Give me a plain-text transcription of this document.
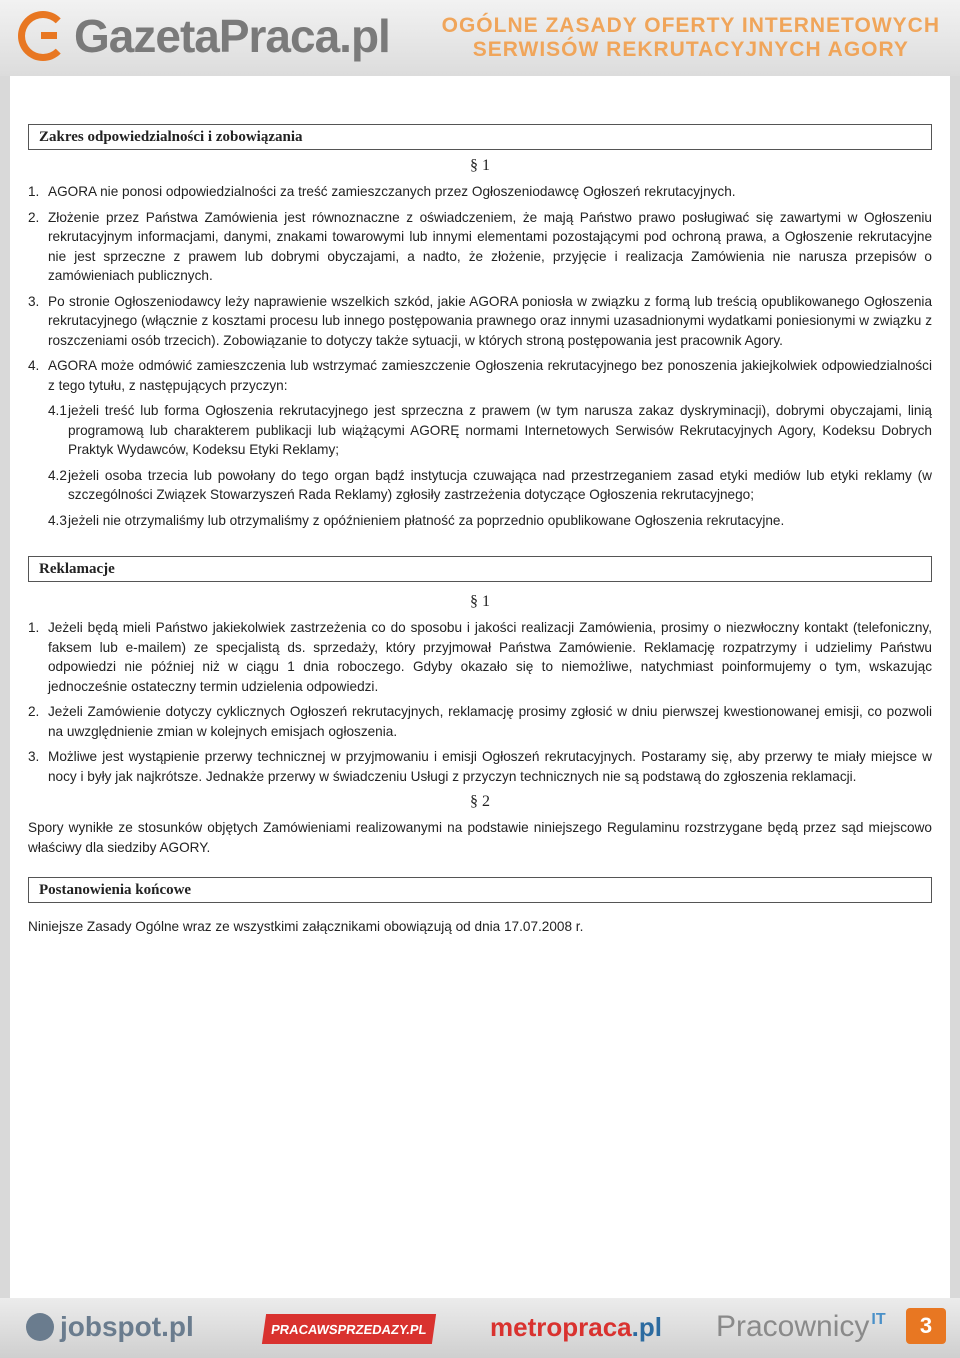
GazetaPraca.pl OGÓLNE ZASADY OFERTY INTERNETOWYCH
SERWISÓW REKRUTACYJNYCH AGORY
Zakres odpowiedzialności i zobowiązania
§ 1
1. AGORA nie ponosi odpowiedzialności za treść zamieszczanych przez Ogłoszeniodawcę Ogłoszeń rekrutacyjnych.
2. Złożenie przez Państwa Zamówienia jest równoznaczne z oświadczeniem, że mają Państwo prawo posługiwać się zawartymi w Ogłoszeniu rekrutacyjnym informacjami, danymi, znakami towarowymi lub innymi elementami pozostającymi pod ochroną prawa, a Ogłoszenie rekrutacyjne nie jest sprzeczne z prawem lub dobrymi obyczajami, a nadto, że złożenie, przyjęcie i realizacja Zamówienia nie narusza przepisów o zamówieniach publicznych.
3. Po stronie Ogłoszeniodawcy leży naprawienie wszelkich szkód, jakie AGORA poniosła w związku z formą lub treścią opublikowanego Ogłoszenia rekrutacyjnego (włącznie z kosztami procesu lub innego postępowania prawnego oraz innymi uzasadnionymi wydatkami poniesionymi w związku z roszczeniami osób trzecich). Zobowiązanie to dotyczy także sytuacji, w których stroną postępowania jest pracownik Agory.
4. AGORA może odmówić zamieszczenia lub wstrzymać zamieszczenie Ogłoszenia rekrutacyjnego bez ponoszenia jakiejkolwiek odpowiedzialności z tego tytułu, z następujących przyczyn:
4.1 jeżeli treść lub forma Ogłoszenia rekrutacyjnego jest sprzeczna z prawem (w tym narusza zakaz dyskryminacji), dobrymi obyczajami, linią programową lub charakterem publikacji lub wiążącymi AGORĘ normami Internetowych Serwisów Rekrutacyjnych Agory, Kodeksu Dobrych Praktyk Wydawców, Kodeksu Etyki Reklamy;
4.2 jeżeli osoba trzecia lub powołany do tego organ bądź instytucja czuwająca nad przestrzeganiem zasad etyki mediów lub etyki reklamy (w szczególności Związek Stowarzyszeń Rada Reklamy) zgłosiły zastrzeżenia dotyczące Ogłoszenia rekrutacyjnego;
4.3 jeżeli nie otrzymaliśmy lub otrzymaliśmy z opóźnieniem płatność za poprzednio opublikowane Ogłoszenia rekrutacyjne.
Reklamacje
§ 1
1. Jeżeli będą mieli Państwo jakiekolwiek zastrzeżenia co do sposobu i jakości realizacji Zamówienia, prosimy o niezwłoczny kontakt (telefoniczny, faksem lub e-mailem) ze specjalistą ds. sprzedaży, który przyjmował Państwa Zamówienie. Reklamację rozpatrzymy i udzielimy Państwu odpowiedzi nie później niż w ciągu 1 dnia roboczego. Gdyby okazało się to niemożliwe, natychmiast poinformujemy o tym, wskazując jednocześnie ostateczny termin udzielenia odpowiedzi.
2. Jeżeli Zamówienie dotyczy cyklicznych Ogłoszeń rekrutacyjnych, reklamację prosimy zgłosić w dniu pierwszej kwestionowanej emisji, co pozwoli na uwzględnienie zmian w kolejnych emisjach ogłoszenia.
3. Możliwe jest wystąpienie przerwy technicznej w przyjmowaniu i emisji Ogłoszeń rekrutacyjnych. Postaramy się, aby przerwy te miały miejsce w nocy i były jak najkrótsze. Jednakże przerwy w świadczeniu Usługi z przyczyn technicznych nie są podstawą do zgłoszenia reklamacji.
§ 2
Spory wynikłe ze stosunków objętych Zamówieniami realizowanymi na podstawie niniejszego Regulaminu rozstrzygane będą przez sąd miejscowo właściwy dla siedziby AGORY.
Postanowienia końcowe
Niniejsze Zasady Ogólne wraz ze wszystkimi załącznikami obowiązują od dnia 17.07.2008 r.
jobspot.pl	PRACAWSPRZEDAZY.PL metropraca .pl Pracownicy IT	3
